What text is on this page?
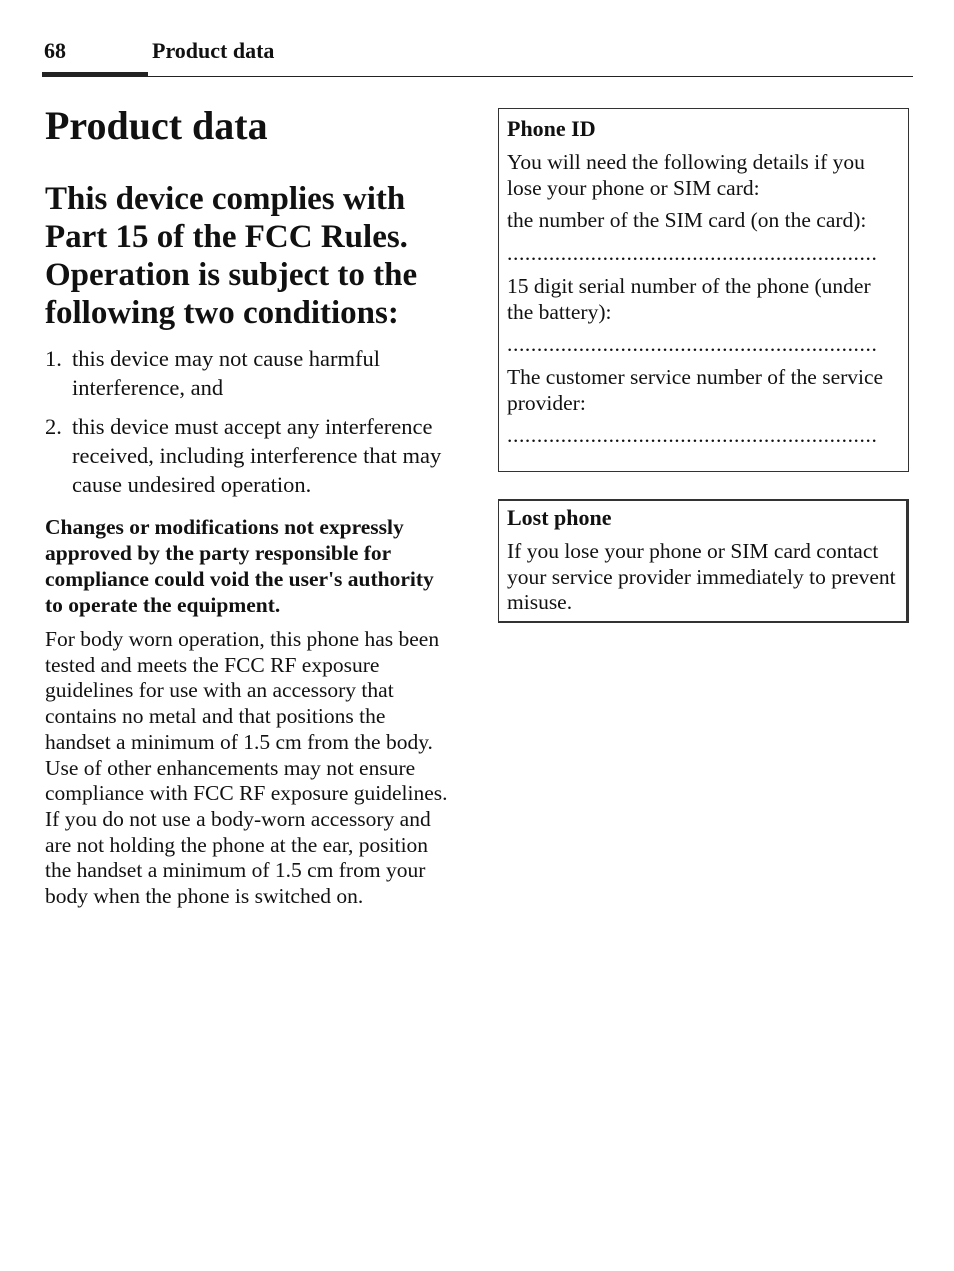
68	Product data
Product data
This device complies with Part 15 of the FCC Rules. Operation is subject to the following two conditions:
1. this device may not cause harmful interference, and
2. this device must accept any interference received, including interference that may cause undesired operation.

Changes or modifications not expressly approved by the party responsible for compliance could void the user's authority to operate the equipment.

For body worn operation, this phone has been tested and meets the FCC RF exposure guidelines for use with an accessory that contains no metal and that positions the handset a minimum of 1.5 cm from the body. Use of other enhancements may not ensure compliance with FCC RF exposure guidelines. If you do not use a body-worn accessory and are not holding the phone at the ear, position the handset a minimum of 1.5 cm from your body when the phone is switched on.

Phone ID

You will need the following details if you lose your phone or SIM card:

the number of the SIM card (on the card):

..............................................................

15 digit serial number of the phone (under the battery):

..............................................................

The customer service number of the service provider:

..............................................................

Lost phone

If you lose your phone or SIM card contact your service provider immediately to prevent misuse.
